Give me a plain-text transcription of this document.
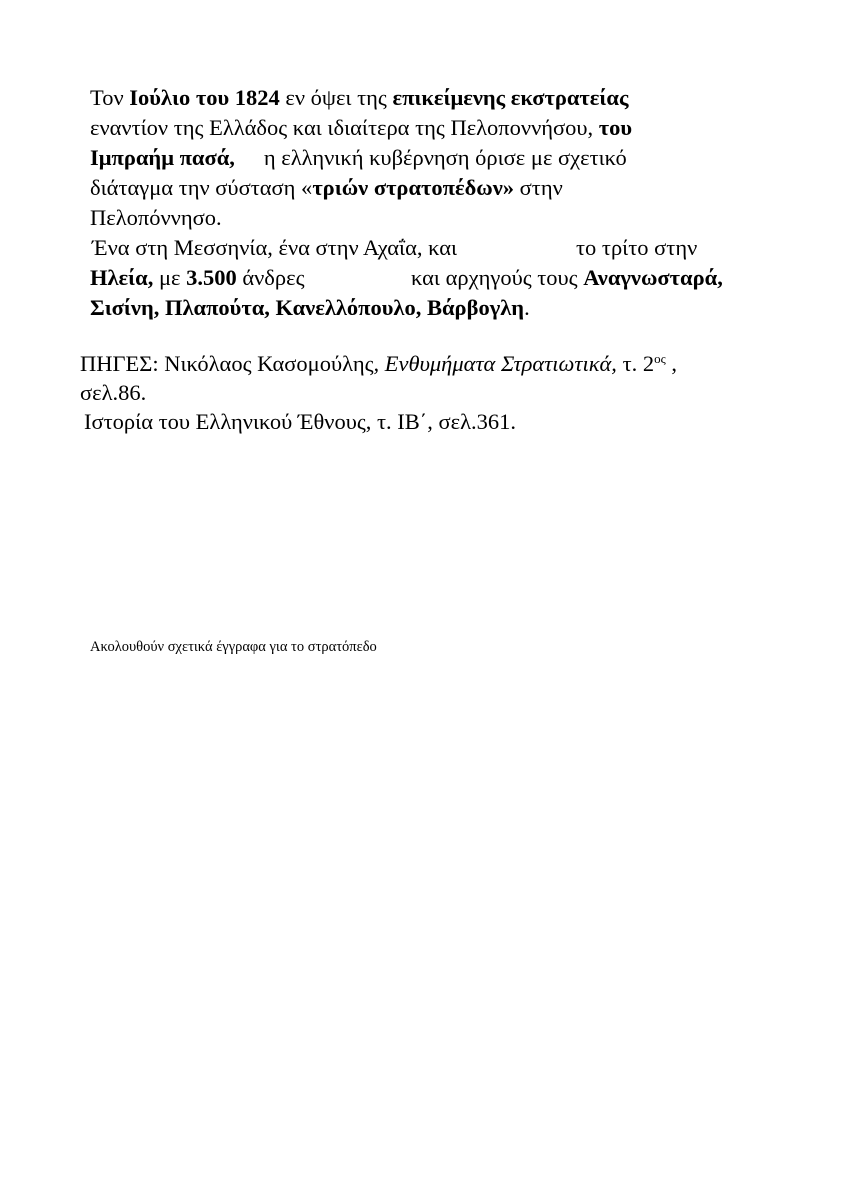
Τον Ιούλιο του 1824 εν όψει της επικείμενης εκστρατείας
εναντίον της Ελλάδος και ιδιαίτερα της Πελοποννήσου, του
Ιμπραήμ πασά, η ελληνική κυβέρνηση όρισε με σχετικό
διάταγμα την σύσταση «τριών στρατοπέδων» στην
Πελοπόννησο.
Ένα στη Μεσσηνία, ένα στην Αχαΐα, και	το τρίτο στην
Ηλεία, με 3.500 άνδρες	και αρχηγούς τους Αναγνωσταρά,
Σισίνη, Πλαπούτα, Κανελλόπουλο, Βάρβογλη.
ΠΗΓΕΣ: Νικόλαος Κασομούλης, Ενθυμήματα Στρατιωτικά, τ. $2^{o\varsigma}$ ,
σελ.86.
Ιστορία του Ελληνικού Έθνους, τ. ΙΒ΄, σελ.361.
Ακολουθούν σχετικά έγγραφα για το στρατόπεδο
